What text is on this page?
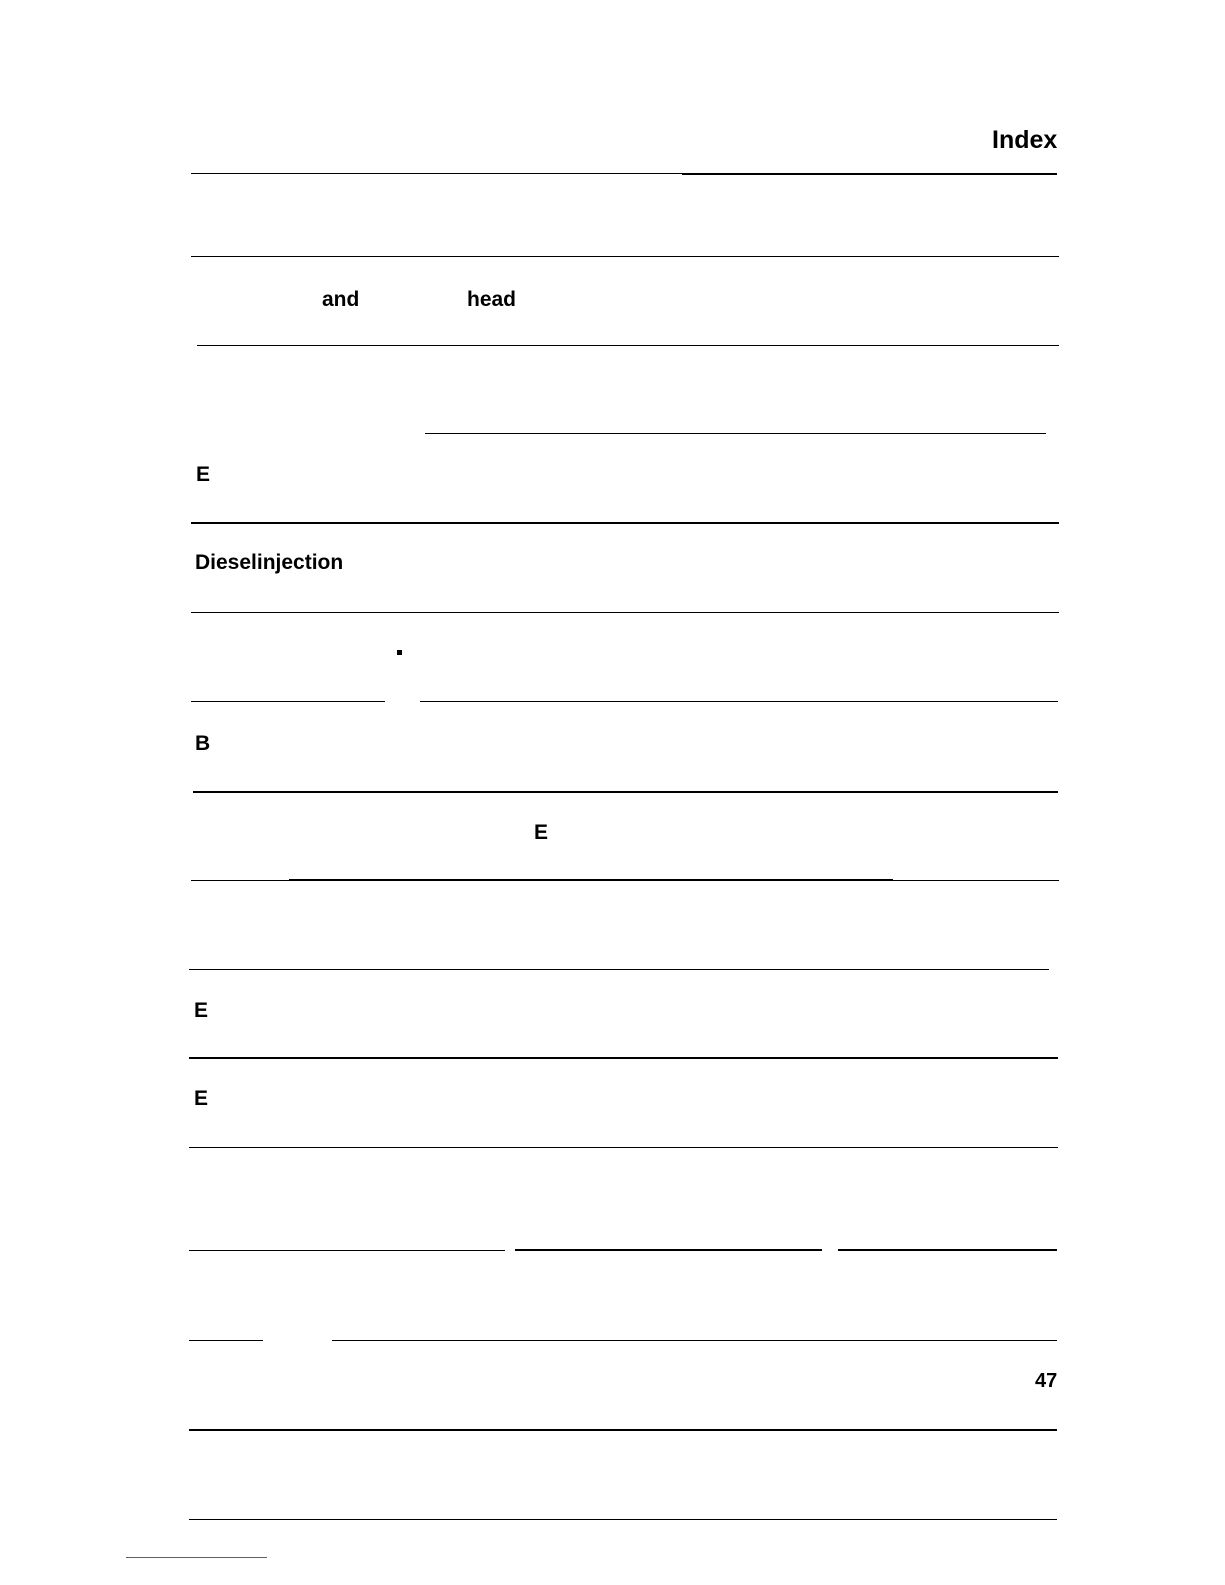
Index
and	head
E
Dieselinjection
B
E
E
E
47
